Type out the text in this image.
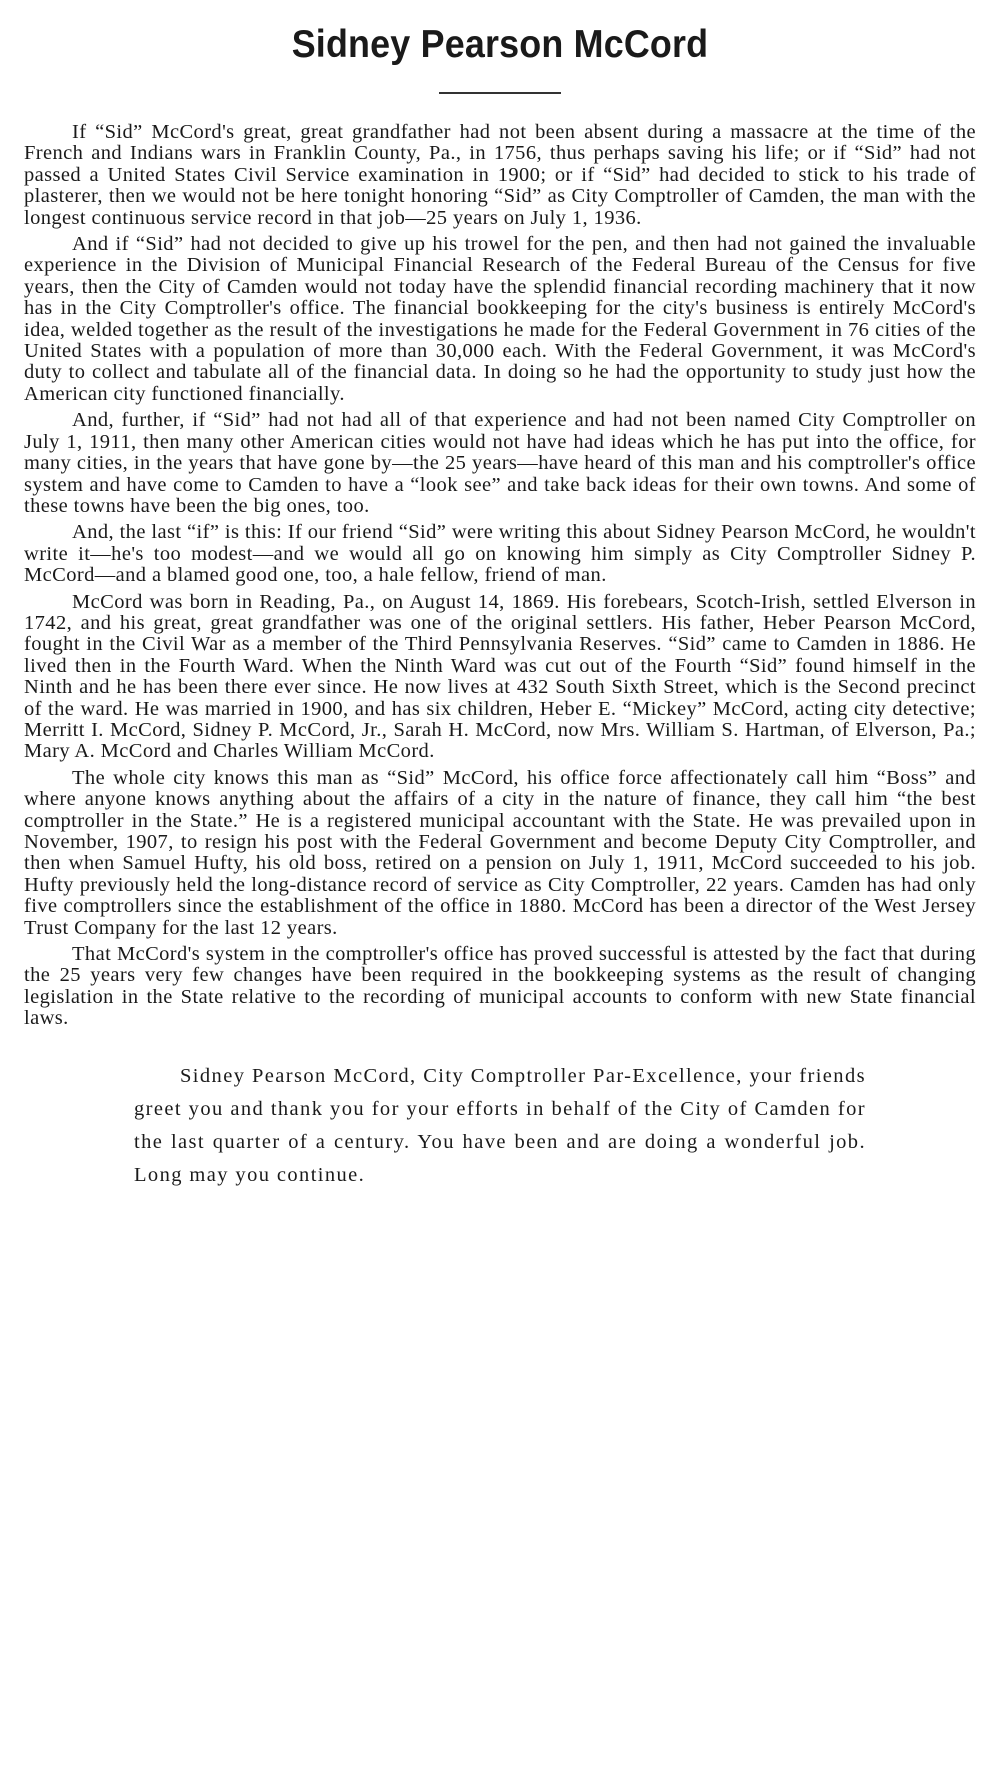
Sidney Pearson McCord

If “Sid” McCord's great, great grandfather had not been absent during a massacre at the time of the French and Indians wars in Franklin County, Pa., in 1756, thus perhaps saving his life; or if “Sid” had not passed a United States Civil Service examination in 1900; or if “Sid” had decided to stick to his trade of plasterer, then we would not be here tonight honoring “Sid” as City Comptroller of Camden, the man with the longest continuous service record in that job—25 years on July 1, 1936.

And if “Sid” had not decided to give up his trowel for the pen, and then had not gained the invaluable experience in the Division of Municipal Financial Research of the Federal Bureau of the Census for five years, then the City of Camden would not today have the splendid financial recording machinery that it now has in the City Comptroller's office. The financial bookkeeping for the city's business is entirely McCord's idea, welded together as the result of the investigations he made for the Federal Government in 76 cities of the United States with a population of more than 30,000 each. With the Federal Government, it was McCord's duty to collect and tabulate all of the financial data. In doing so he had the opportunity to study just how the American city functioned financially.

And, further, if “Sid” had not had all of that experience and had not been named City Comptroller on July 1, 1911, then many other American cities would not have had ideas which he has put into the office, for many cities, in the years that have gone by—the 25 years—have heard of this man and his comptroller's office system and have come to Camden to have a “look see” and take back ideas for their own towns. And some of these towns have been the big ones, too.

And, the last “if” is this: If our friend “Sid” were writing this about Sidney Pearson McCord, he wouldn't write it—he's too modest—and we would all go on knowing him simply as City Comptroller Sidney P. McCord—and a blamed good one, too, a hale fellow, friend of man.

McCord was born in Reading, Pa., on August 14, 1869. His forebears, Scotch-Irish, settled Elverson in 1742, and his great, great grandfather was one of the original settlers. His father, Heber Pearson McCord, fought in the Civil War as a member of the Third Pennsylvania Reserves. “Sid” came to Camden in 1886. He lived then in the Fourth Ward. When the Ninth Ward was cut out of the Fourth “Sid” found himself in the Ninth and he has been there ever since. He now lives at 432 South Sixth Street, which is the Second precinct of the ward. He was married in 1900, and has six children, Heber E. “Mickey” McCord, acting city detective; Merritt I. McCord, Sidney P. McCord, Jr., Sarah H. McCord, now Mrs. William S. Hartman, of Elverson, Pa.; Mary A. McCord and Charles William McCord.

The whole city knows this man as “Sid” McCord, his office force affectionately call him “Boss” and where anyone knows anything about the affairs of a city in the nature of finance, they call him “the best comptroller in the State.” He is a registered municipal accountant with the State. He was prevailed upon in November, 1907, to resign his post with the Federal Government and become Deputy City Comptroller, and then when Samuel Hufty, his old boss, retired on a pension on July 1, 1911, McCord succeeded to his job. Hufty previously held the long-distance record of service as City Comptroller, 22 years. Camden has had only five comptrollers since the establishment of the office in 1880. McCord has been a director of the West Jersey Trust Company for the last 12 years.

That McCord's system in the comptroller's office has proved successful is attested by the fact that during the 25 years very few changes have been required in the bookkeeping systems as the result of changing legislation in the State relative to the recording of municipal accounts to conform with new State financial laws.

Sidney Pearson McCord, City Comptroller Par-Excellence, your friends greet you and thank you for your efforts in behalf of the City of Camden for the last quarter of a century. You have been and are doing a wonderful job. Long may you continue.
